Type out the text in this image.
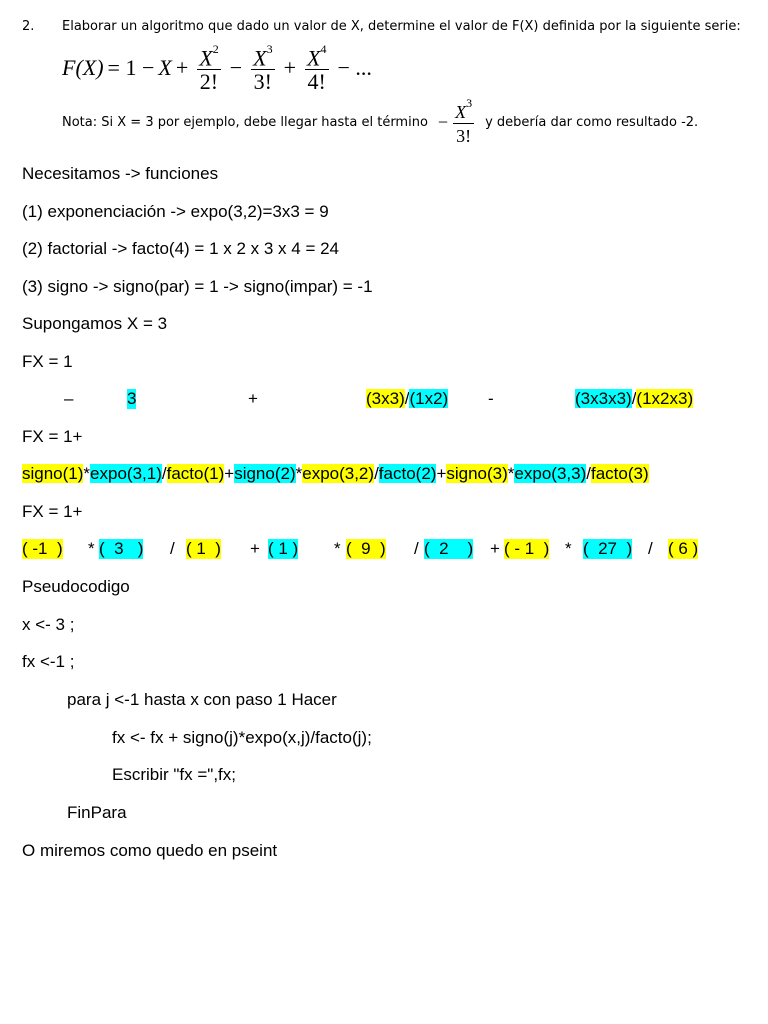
2. Elaborar un algoritmo que dado un valor de X, determine el valor de F(X) definida por la siguiente serie:
$F(X) = 1 - X + \frac{X^2}{2!} - \frac{X^3}{3!} + \frac{X^4}{4!}$ − ...
Nota: Si X = 3 por ejemplo, debe llegar hasta el término − $\frac{X^3}{3!}$ y debería dar como resultado -2.
Necesitamos -> funciones
(1) exponenciación -> expo(3,2)=3x3 = 9
(2) factorial -> facto(4) = 1 x 2 x 3 x 4 = 24
(3) signo -> signo(par) = 1 -> signo(impar) = -1
Supongamos X = 3
FX = 1
–	3	+	(3x3)/(1x2) -	(3x3x3)/(1x2x3)
FX = 1+
signo(1)*expo(3,1)/facto(1)+signo(2)*expo(3,2)/facto(2)+signo(3)*expo(3,3)/facto(3)
FX = 1+
( -1  ) * (  3   ) / ( 1  ) + ( 1 ) * (  9  ) / (  2    ) + ( - 1  ) * (  27  ) / ( 6 )
Pseudocodigo
x <- 3 ;
fx <-1 ;
para j <-1 hasta x con paso 1 Hacer
fx <- fx + signo(j)*expo(x,j)/facto(j);
Escribir "fx =",fx;
FinPara
O miremos como quedo en pseint
